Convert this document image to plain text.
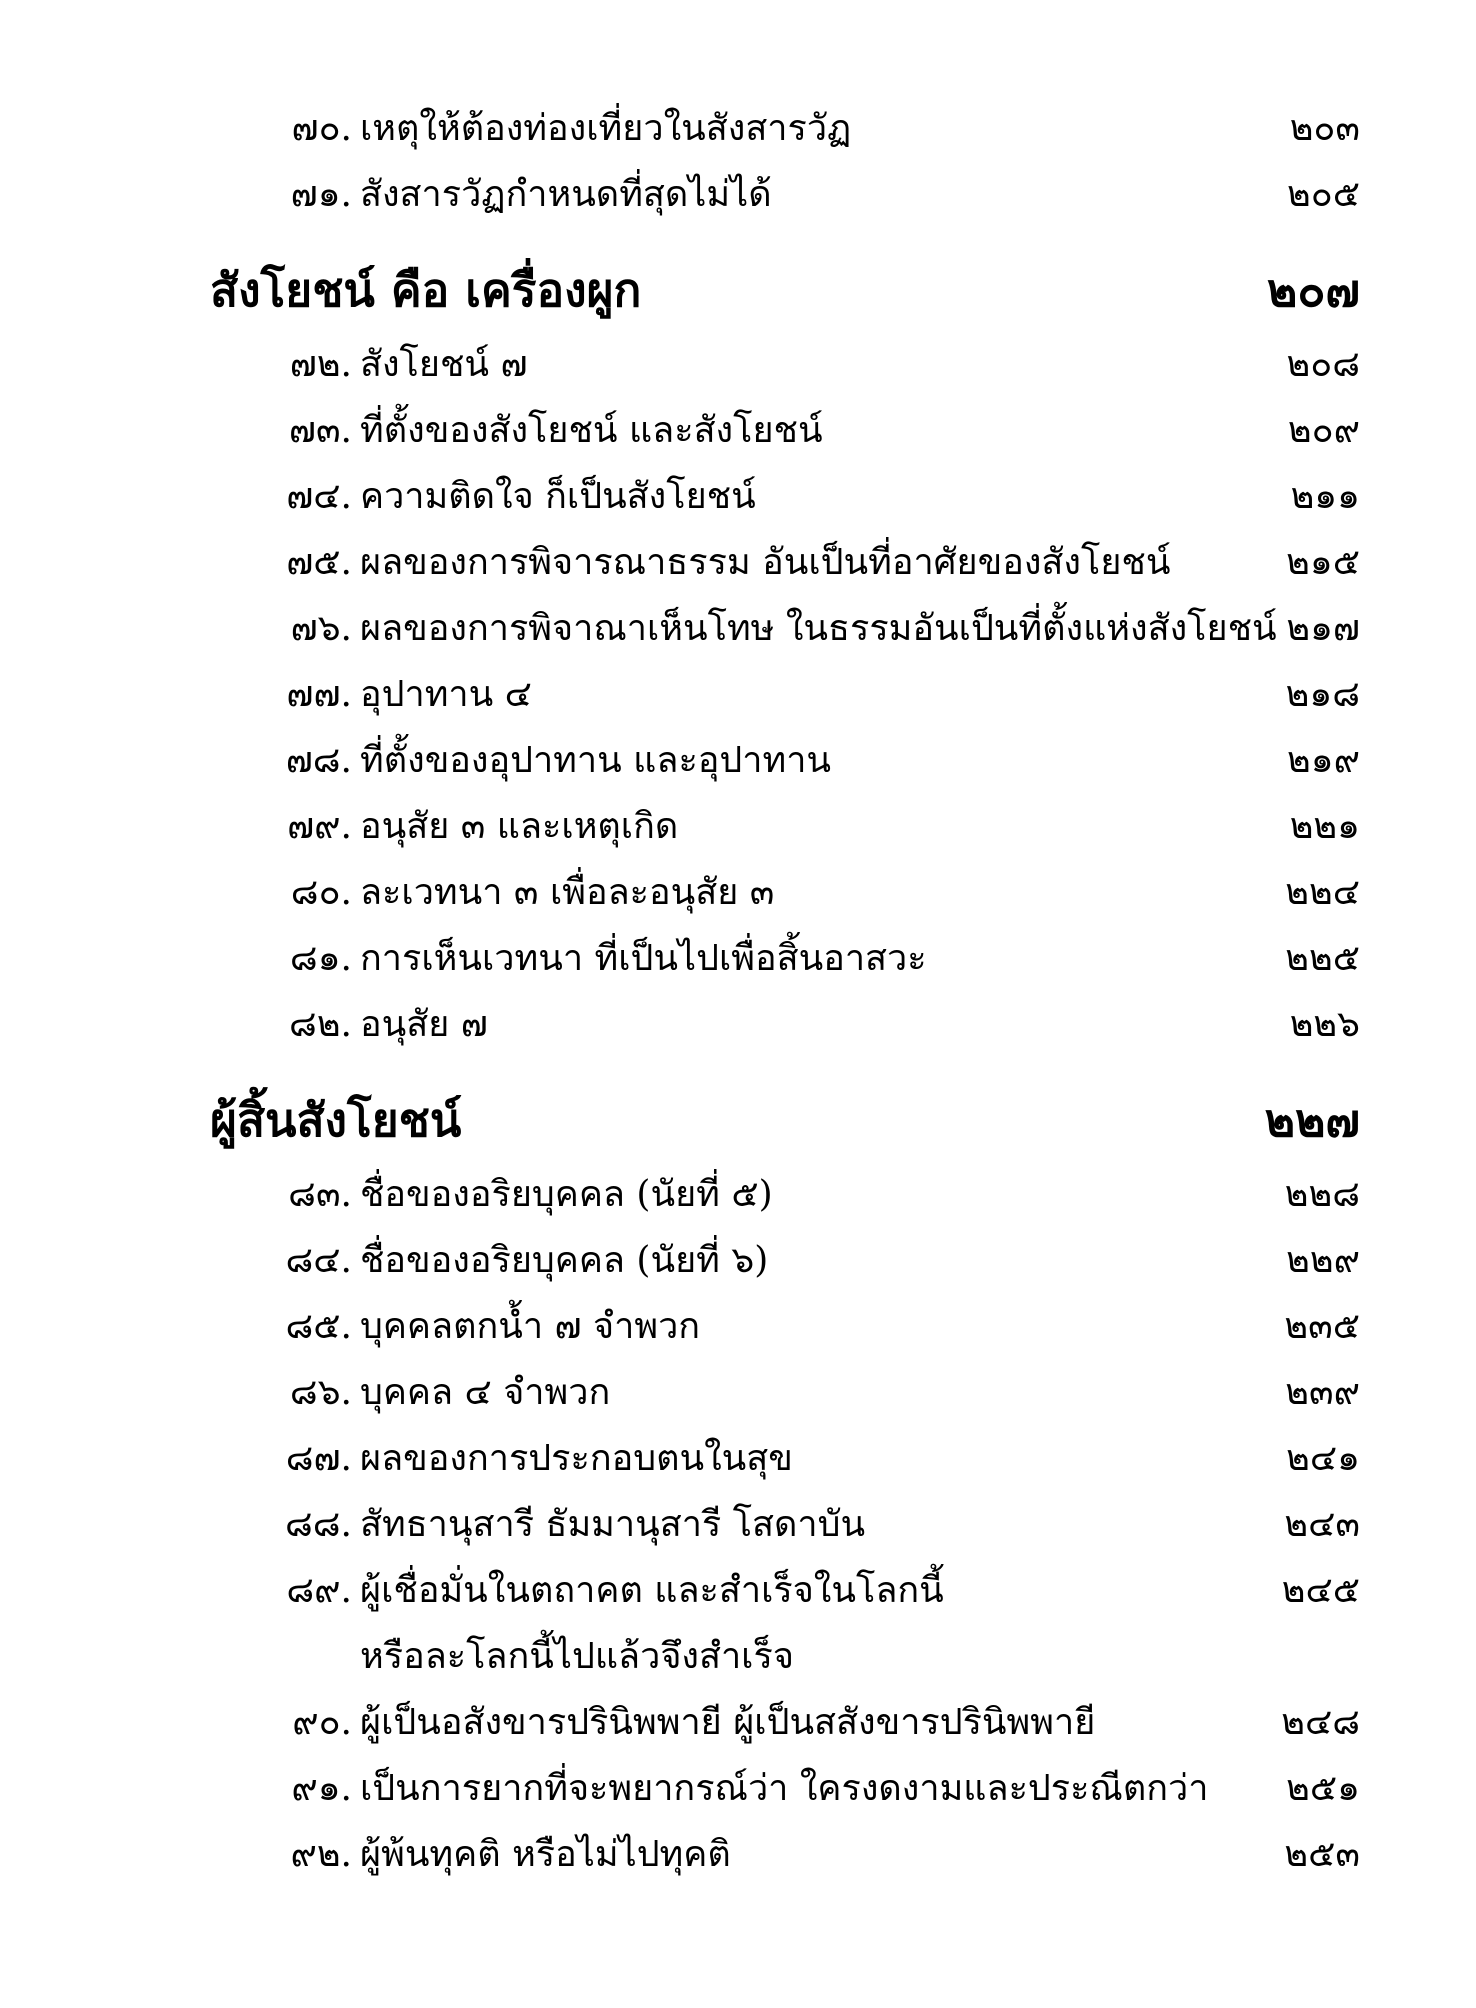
๗๐. เหตุให้ต้องท่องเที่ยวในสังสารวัฏ	๒๐๓
๗๑. สังสารวัฏกำหนดที่สุดไม่ได้	๒๐๕
สังโยชน์ คือ เครื่องผูก	๒๐๗
๗๒. สังโยชน์ ๗	๒๐๘
๗๓. ที่ตั้งของสังโยชน์ และสังโยชน์	๒๐๙
๗๔. ความติดใจ ก็เป็นสังโยชน์	๒๑๑
๗๕. ผลของการพิจารณาธรรม อันเป็นที่อาศัยของสังโยชน์	๒๑๕
๗๖. ผลของการพิจาณาเห็นโทษ ในธรรมอันเป็นที่ตั้งแห่งสังโยชน์ ๒๑๗
๗๗. อุปาทาน ๔	๒๑๘
๗๘. ที่ตั้งของอุปาทาน และอุปาทาน	๒๑๙
๗๙. อนุสัย ๓ และเหตุเกิด	๒๒๑
๘๐. ละเวทนา ๓ เพื่อละอนุสัย ๓	๒๒๔
๘๑. การเห็นเวทนา ที่เป็นไปเพื่อสิ้นอาสวะ	๒๒๕
๘๒. อนุสัย ๗	๒๒๖
ผู้สิ้นสังโยชน์	๒๒๗
๘๓. ชื่อของอริยบุคคล (นัยที่ ๕)	๒๒๘
๘๔. ชื่อของอริยบุคคล (นัยที่ ๖)	๒๒๙
๘๕. บุคคลตกน้ำ ๗ จำพวก	๒๓๕
๘๖. บุคคล ๔ จำพวก	๒๓๙
๘๗. ผลของการประกอบตนในสุข	๒๔๑
๘๘. สัทธานุสารี ธัมมานุสารี โสดาบัน	๒๔๓
๘๙. ผู้เชื่อมั่นในตถาคต และสำเร็จในโลกนี้	๒๔๕
หรือละโลกนี้ไปแล้วจึงสำเร็จ
๙๐. ผู้เป็นอสังขารปรินิพพายี ผู้เป็นสสังขารปรินิพพายี	๒๔๘
๙๑. เป็นการยากที่จะพยากรณ์ว่า ใครงดงามและประณีตกว่า ๒๕๑
๙๒. ผู้พ้นทุคติ หรือไม่ไปทุคติ	๒๕๓
